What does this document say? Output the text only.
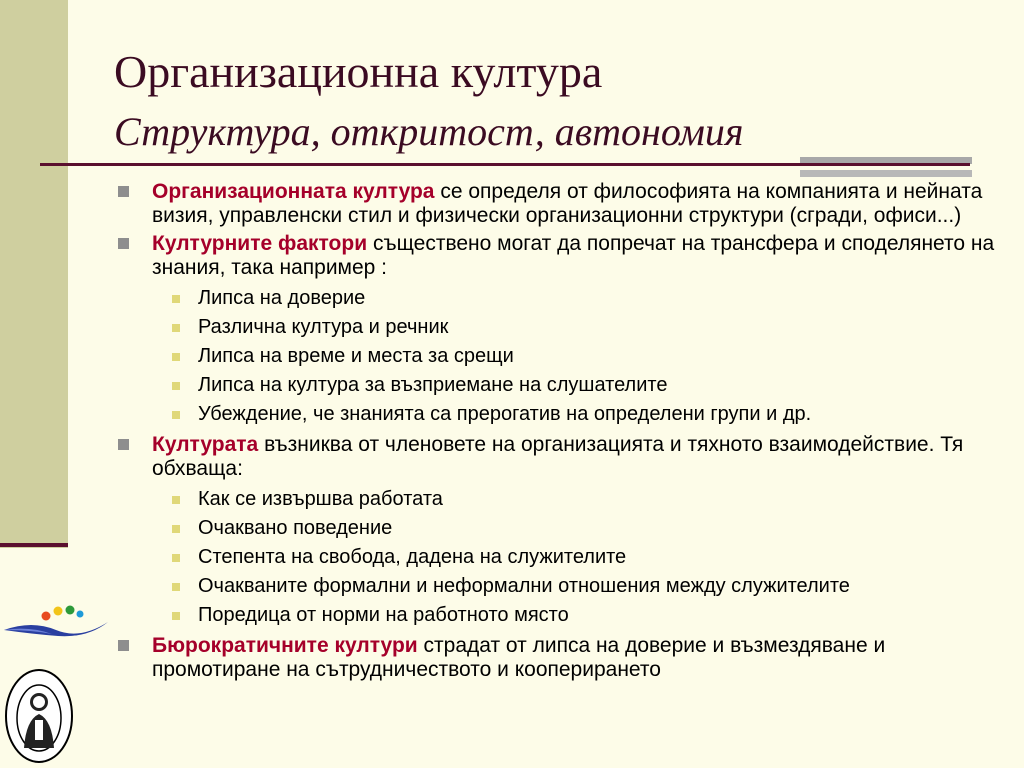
Организационна култура
Структура, откритост, автономия
Организационната култура се определя от философията на компанията и нейната визия, управленски стил и физически организационни структури (сгради, офиси...)
Културните фактори съществено могат да попречат на трансфера и споделянето на знания, така например :
Липса на доверие
Различна култура и речник
Липса на време и места за срещи
Липса на култура за възприемане на слушателите
Убеждение, че знанията са прерогатив на определени групи и др.
Културата възниква от членовете на организацията и тяхното взаимодействие. Тя обхваща:
Как се извършва работата
Очаквано поведение
Степента на свобода, дадена на служителите
Очакваните формални и неформални отношения между служителите
Поредица от норми на работното място
Бюрократичните култури страдат от липса на доверие и възмездяване и промотиране на сътрудничеството и кооперирането
